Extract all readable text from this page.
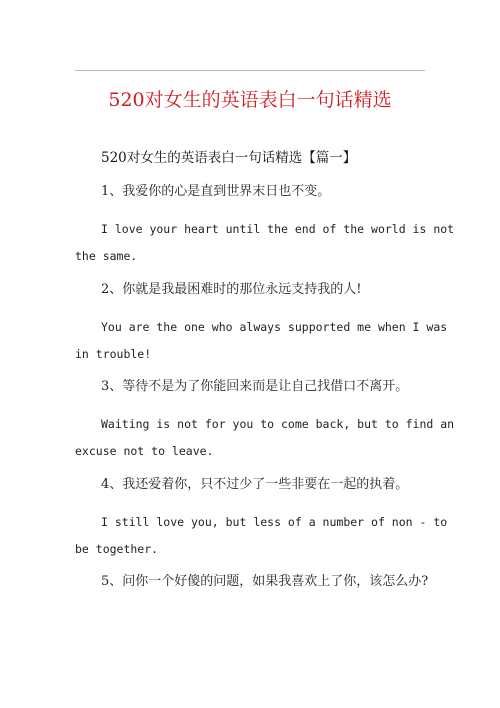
520对女生的英语表白一句话精选
520对女生的英语表白一句话精选【篇一】
1、我爱你的心是直到世界末日也不变。
I love your heart until the end of the world is not
the same.
2、你就是我最困难时的那位永远支持我的人!
You are the one who always supported me when I was
in trouble!
3、等待不是为了你能回来而是让自己找借口不离开。
Waiting is not for you to come back, but to find an
excuse not to leave.
4、我还爱着你，只不过少了一些非要在一起的执着。
I still love you, but less of a number of non - to
be together.
5、问你一个好傻的问题，如果我喜欢上了你，该怎么办?
